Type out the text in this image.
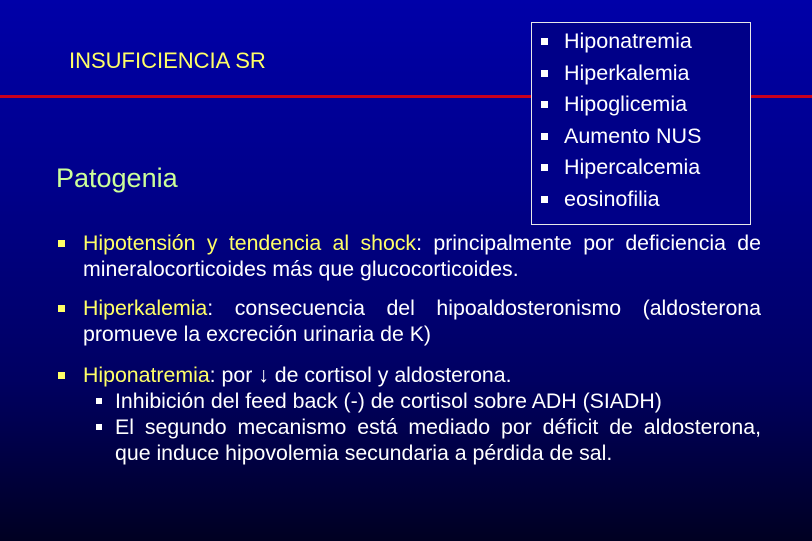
INSUFICIENCIA SR
Hiponatremia
Hiperkalemia
Hipoglicemia
Aumento NUS
Hipercalcemia
eosinofilia
Patogenia
Hipotensión y tendencia al shock: principalmente por deficiencia de mineralocorticoides más que glucocorticoides.
Hiperkalemia: consecuencia del hipoaldosteronismo (aldosterona promueve la excreción urinaria de K)
Hiponatremia: por ↓ de cortisol y aldosterona.
Inhibición del feed back (-) de cortisol sobre ADH (SIADH)
El segundo mecanismo está mediado por déficit de aldosterona, que induce hipovolemia secundaria a pérdida de sal.
